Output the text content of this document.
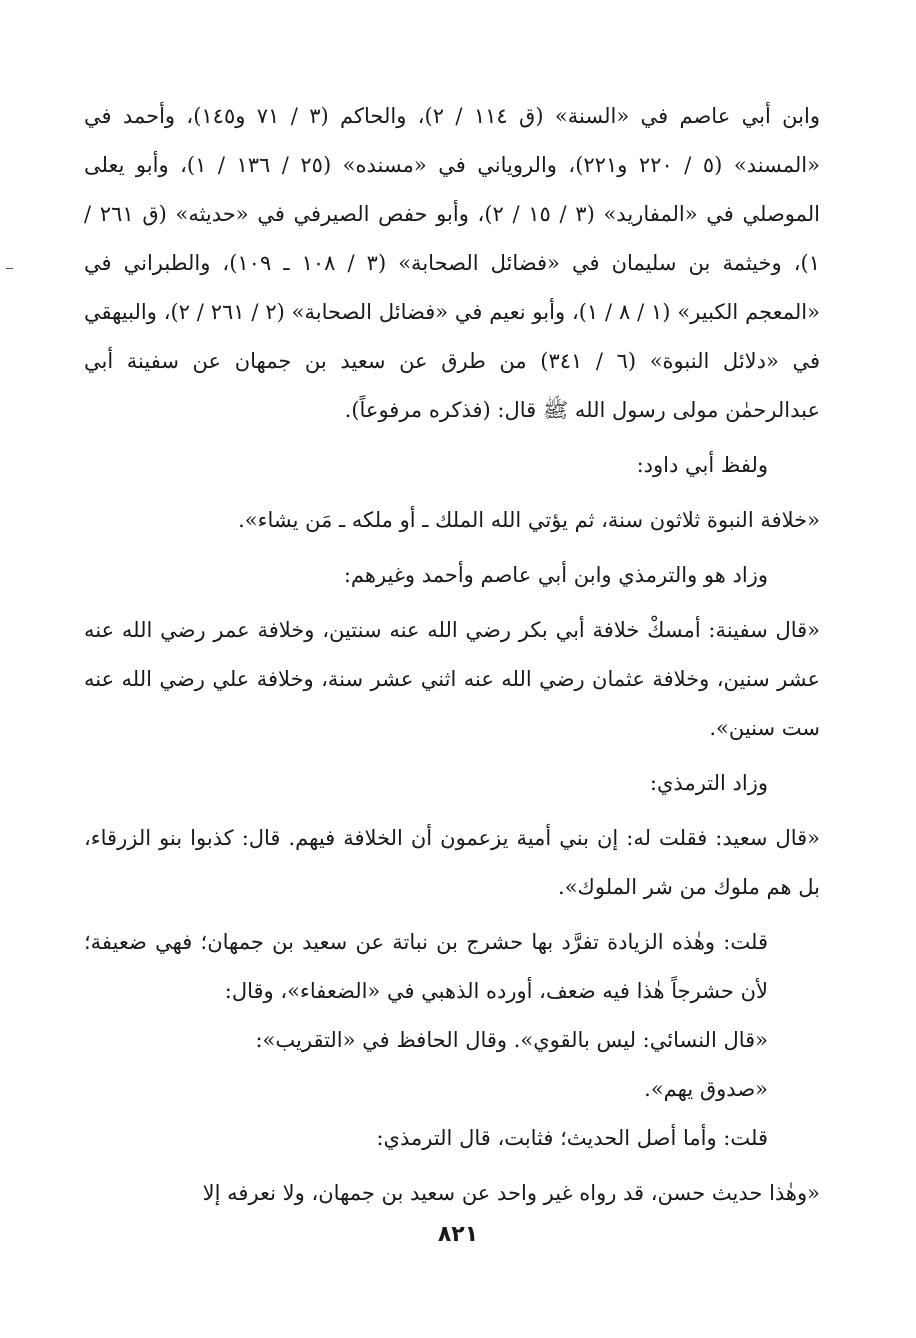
وابن أبي عاصم في «السنة» (ق ١١٤ / ٢)، والحاكم (٣ / ٧١ و١٤٥)، وأحمد في «المسند» (٥ / ٢٢٠ و٢٢١)، والروياني في «مسنده» (٢٥ / ١٣٦ / ١)، وأبو يعلى الموصلي في «المفاريد» (٣ / ١٥ / ٢)، وأبو حفص الصيرفي في «حديثه» (ق ٢٦١ / ١)، وخيثمة بن سليمان في «فضائل الصحابة» (٣ / ١٠٨ ـ ١٠٩)، والطبراني في «المعجم الكبير» (١ / ٨ / ١)، وأبو نعيم في «فضائل الصحابة» (٢ / ٢٦١ / ٢)، والبيهقي في «دلائل النبوة» (٦ / ٣٤١) من طرق عن سعيد بن جمهان عن سفينة أبي عبدالرحمٰن مولى رسول الله ﷺ قال: (فذكره مرفوعاً).

ولفظ أبي داود:

«خلافة النبوة ثلاثون سنة، ثم يؤتي الله الملك ـ أو ملكه ـ مَن يشاء».

وزاد هو والترمذي وابن أبي عاصم وأحمد وغيرهم:

«قال سفينة: أمسكْ خلافة أبي بكر رضي الله عنه سنتين، وخلافة عمر رضي الله عنه عشر سنين، وخلافة عثمان رضي الله عنه اثني عشر سنة، وخلافة علي رضي الله عنه ست سنين».

وزاد الترمذي:

«قال سعيد: فقلت له: إن بني أمية يزعمون أن الخلافة فيهم. قال: كذبوا بنو الزرقاء، بل هم ملوك من شر الملوك».

قلت: وهٰذه الزيادة تفرَّد بها حشرج بن نباتة عن سعيد بن جمهان؛ فهي ضعيفة؛ لأن حشرجاً هٰذا فيه ضعف، أورده الذهبي في «الضعفاء»، وقال:

«قال النسائي: ليس بالقوي». وقال الحافظ في «التقريب»:

«صدوق يهم».

قلت: وأما أصل الحديث؛ فثابت، قال الترمذي:

«وهٰذا حديث حسن، قد رواه غير واحد عن سعيد بن جمهان، ولا نعرفه إلا

٨٢١
